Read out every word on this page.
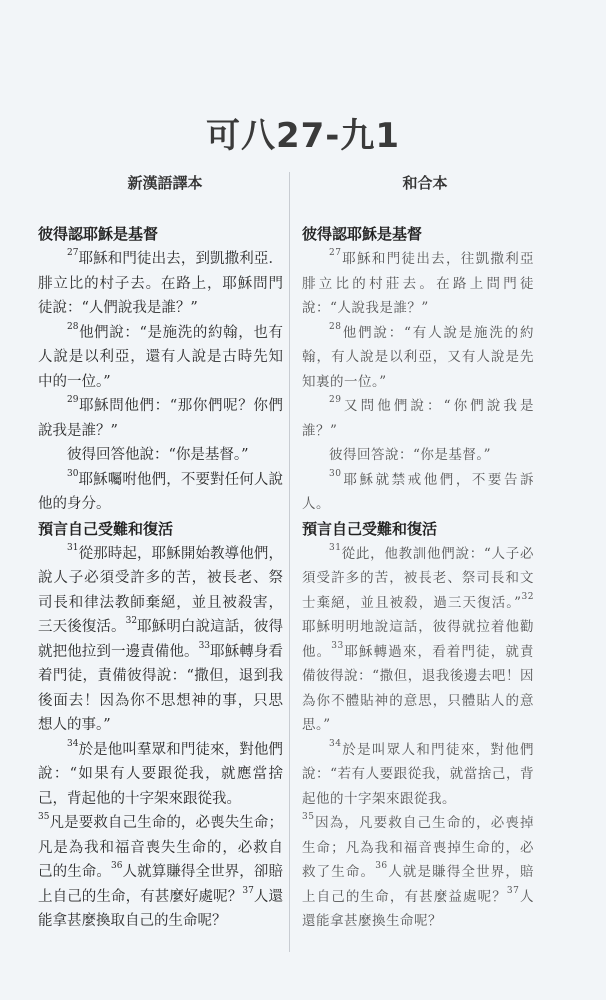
可八27-九1
新漢語譯本	和合本

彼得認耶穌是基督

$^{27}$耶穌和門徒出去，到凱撒利亞．腓立比的村子去。在路上，耶穌問門徒說：“人們說我是誰？”

$^{28}$他們說：“是施洗的約翰，也有人說是以利亞，還有人說是古時先知中的一位。”

$^{29}$耶穌問他們：“那你們呢？你們說我是誰？”

彼得回答他說：“你是基督。”

$^{30}$耶穌囑咐他們，不要對任何人說他的身分。

預言自己受難和復活

$^{31}$從那時起，耶穌開始教導他們，說人子必須受許多的苦，被長老、祭司長和律法教師棄絕，並且被殺害，三天後復活。$^{32}$耶穌明白說這話，彼得就把他拉到一邊責備他。$^{33}$耶穌轉身看着門徒，責備彼得說：“撒但，退到我後面去！因為你不思想神的事，只思想人的事。”

$^{34}$於是他叫羣眾和門徒來，對他們說：“如果有人要跟從我，就應當捨己，背起他的十字架來跟從我。
$^{35}$凡是要救自己生命的，必喪失生命；凡是為我和福音喪失生命的，必救自己的生命。$^{36}$人就算賺得全世界，卻賠上自己的生命，有甚麼好處呢？$^{37}$人還能拿甚麼換取自己的生命呢？

彼得認耶穌是基督

$^{27}$耶穌和門徒出去，往凱撒利亞腓立比的村莊去。在路上問門徒說：“人說我是誰？”

$^{28}$他們說：“有人說是施洗的約翰，有人說是以利亞，又有人說是先知裏的一位。”

$^{29}$又問他們說：“你們說我是誰？”

彼得回答說：“你是基督。”

$^{30}$耶穌就禁戒他們，不要告訴人。

預言自己受難和復活

$^{31}$從此，他教訓他們說：“人子必須受許多的苦，被長老、祭司長和文士棄絕，並且被殺，過三天復活。”$^{32}$耶穌明明地說這話，彼得就拉着他勸他。$^{33}$耶穌轉過來，看着門徒，就責備彼得說：“撒但，退我後邊去吧！因為你不體貼神的意思，只體貼人的意思。”

$^{34}$於是叫眾人和門徒來，對他們說：“若有人要跟從我，就當捨己，背起他的十字架來跟從我。
$^{35}$因為，凡要救自己生命的，必喪掉生命；凡為我和福音喪掉生命的，必救了生命。$^{36}$人就是賺得全世界，賠上自己的生命，有甚麼益處呢？$^{37}$人還能拿甚麼換生命呢？
